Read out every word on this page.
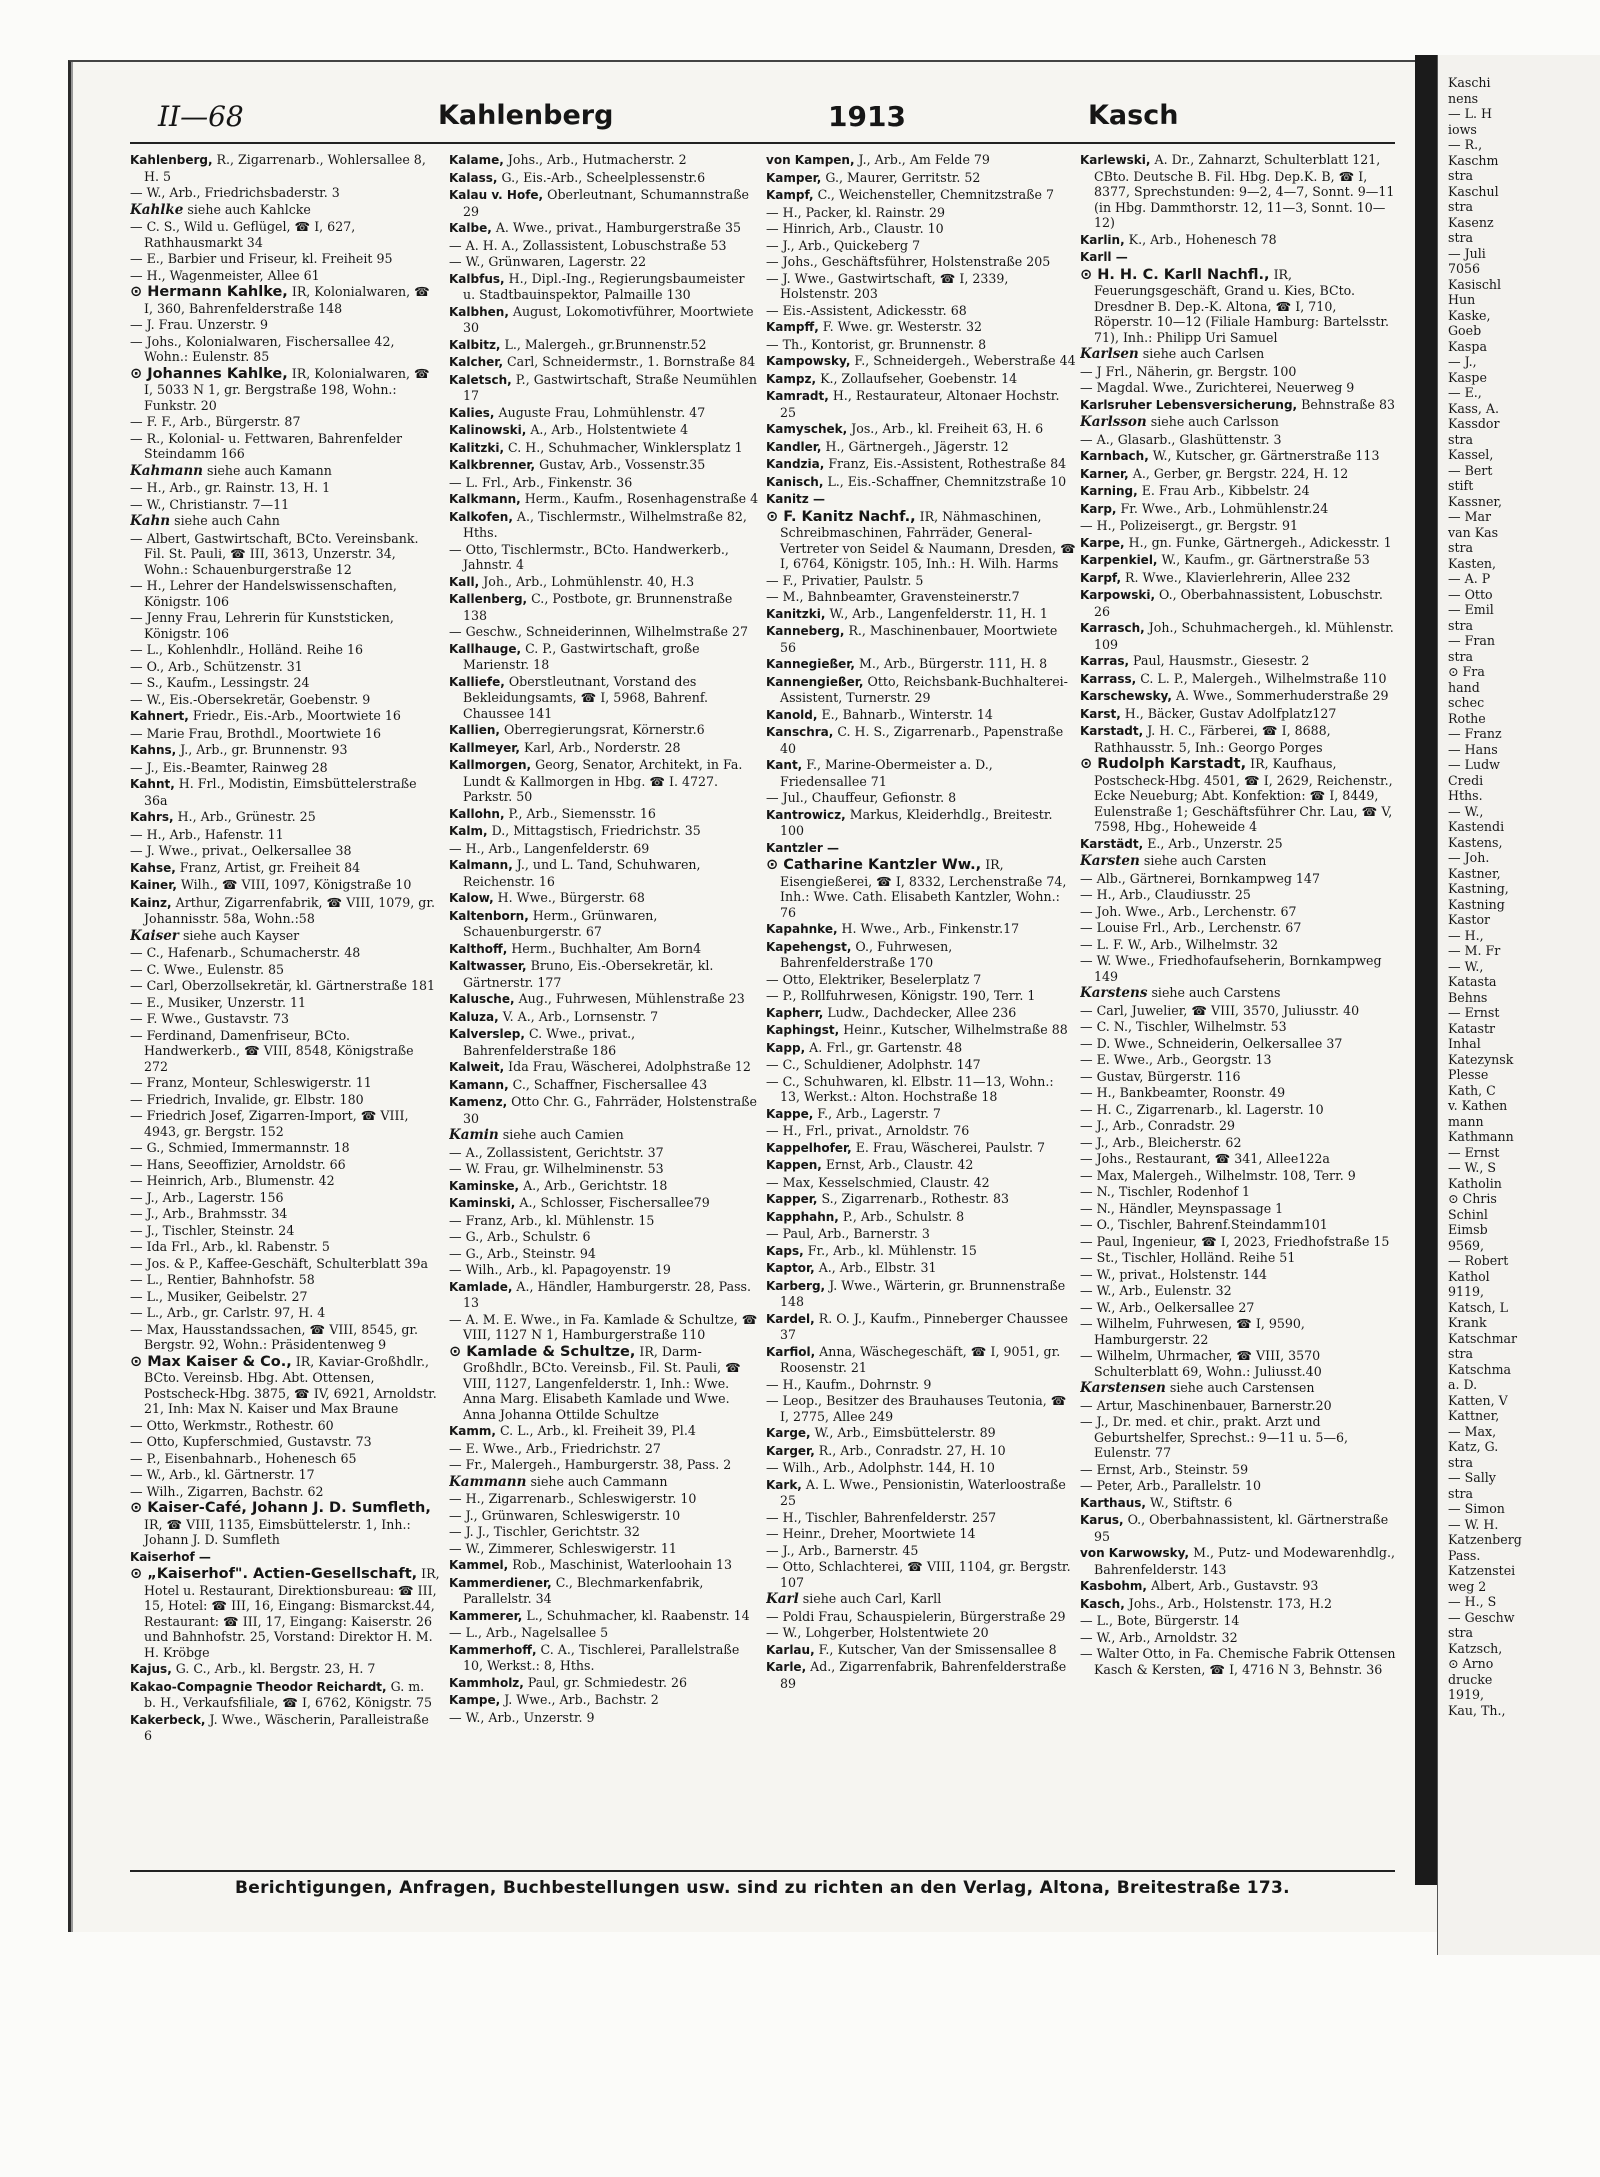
Kaschi
nens
— L. H
iows
— R.,
Kaschm
stra
Kaschul
stra
Kasenz
stra
— Juli
7056
Kasischl
Hun
Kaske,
Goeb
Kaspa
— J.,
Kaspe
— E.,
Kass, A.
Kassdor
stra
Kassel,
— Bert
stift
Kassner,
— Mar
van Kas
stra
Kasten,
— A. P
— Otto
— Emil
stra
— Fran
stra
⊙ Fra
hand
schec
Rothe
— Franz
— Hans
— Ludw
Credi
Hths.
— W.,
Kastendi
Kastens,
— Joh.
Kastner,
Kastning,
Kastning
Kastor
— H.,
— M. Fr
— W.,
Katasta
Behns
— Ernst
Katastr
Inhal
Katezynsk
Plesse
Kath, C
v. Kathen
mann
Kathmann
— Ernst
— W., S
Katholin
⊙ Chris
Schinl
Eimsb
9569,
— Robert
Kathol
9119,
Katsch, L
Krank
Katschmar
stra
Katschma
a. D.
Katten, V
Kattner,
— Max,
Katz, G.
stra
— Sally
stra
— Simon
— W. H.
Katzenberg
Pass.
Katzenstei
weg 2
— H., S
— Geschw
stra
Katzsch,
⊙ Arno
drucke
1919,
Kau, Th.,
II—68	Kahlenberg	1913	Kasch
Kahlenberg, R., Zigarrenarb., Wohlersallee 8, H. 5
— W., Arb., Friedrichsbaderstr. 3
Kahlke siehe auch Kahlcke
— C. S., Wild u. Geflügel, ☎ I, 627, Rathhausmarkt 34
— E., Barbier und Friseur, kl. Freiheit 95
— H., Wagenmeister, Allee 61
⊙ Hermann Kahlke, IR, Kolonialwaren, ☎ I, 360, Bahrenfelderstraße 148
— J. Frau. Unzerstr. 9
— Johs., Kolonialwaren, Fischersallee 42, Wohn.: Eulenstr. 85
⊙ Johannes Kahlke, IR, Kolonialwaren, ☎ I, 5033 N 1, gr. Bergstraße 198, Wohn.: Funkstr. 20
— F. F., Arb., Bürgerstr. 87
— R., Kolonial- u. Fettwaren, Bahrenfelder Steindamm 166
Kahmann siehe auch Kamann
— H., Arb., gr. Rainstr. 13, H. 1
— W., Christianstr. 7—11
Kahn siehe auch Cahn
— Albert, Gastwirtschaft, BCto. Vereinsbank. Fil. St. Pauli, ☎ III, 3613, Unzerstr. 34, Wohn.: Schauenburgerstraße 12
— H., Lehrer der Handelswissenschaften, Königstr. 106
— Jenny Frau, Lehrerin für Kunststicken, Königstr. 106
— L., Kohlenhdlr., Holländ. Reihe 16
— O., Arb., Schützenstr. 31
— S., Kaufm., Lessingstr. 24
— W., Eis.-Obersekretär, Goebenstr. 9
Kahnert, Friedr., Eis.-Arb., Moortwiete 16
— Marie Frau, Brothdl., Moortwiete 16
Kahns, J., Arb., gr. Brunnenstr. 93
— J., Eis.-Beamter, Rainweg 28
Kahnt, H. Frl., Modistin, Eimsbüttelerstraße 36a
Kahrs, H., Arb., Grünestr. 25
— H., Arb., Hafenstr. 11
— J. Wwe., privat., Oelkersallee 38
Kahse, Franz, Artist, gr. Freiheit 84
Kainer, Wilh., ☎ VIII, 1097, Königstraße 10
Kainz, Arthur, Zigarrenfabrik, ☎ VIII, 1079, gr. Johannisstr. 58a, Wohn.:58
Kaiser siehe auch Kayser
— C., Hafenarb., Schumacherstr. 48
— C. Wwe., Eulenstr. 85
— Carl, Oberzollsekretär, kl. Gärtnerstraße 181
— E., Musiker, Unzerstr. 11
— F. Wwe., Gustavstr. 73
— Ferdinand, Damenfriseur, BCto. Handwerkerb., ☎ VIII, 8548, Königstraße 272
— Franz, Monteur, Schleswigerstr. 11
— Friedrich, Invalide, gr. Elbstr. 180
— Friedrich Josef, Zigarren-Import, ☎ VIII, 4943, gr. Bergstr. 152
— G., Schmied, Immermannstr. 18
— Hans, Seeoffizier, Arnoldstr. 66
— Heinrich, Arb., Blumenstr. 42
— J., Arb., Lagerstr. 156
— J., Arb., Brahmsstr. 34
— J., Tischler, Steinstr. 24
— Ida Frl., Arb., kl. Rabenstr. 5
— Jos. & P., Kaffee-Geschäft, Schulterblatt 39a
— L., Rentier, Bahnhofstr. 58
— L., Musiker, Geibelstr. 27
— L., Arb., gr. Carlstr. 97, H. 4
— Max, Hausstandssachen, ☎ VIII, 8545, gr. Bergstr. 92, Wohn.: Präsidentenweg 9
⊙ Max Kaiser & Co., IR, Kaviar-Großhdlr., BCto. Vereinsb. Hbg. Abt. Ottensen, Postscheck-Hbg. 3875, ☎ IV, 6921, Arnoldstr. 21, Inh: Max N. Kaiser und Max Braune
— Otto, Werkmstr., Rothestr. 60
— Otto, Kupferschmied, Gustavstr. 73
— P., Eisenbahnarb., Hohenesch 65
— W., Arb., kl. Gärtnerstr. 17
— Wilh., Zigarren, Bachstr. 62
⊙ Kaiser-Café, Johann J. D. Sumfleth, IR, ☎ VIII, 1135, Eimsbüttelerstr. 1, Inh.: Johann J. D. Sumfleth
Kaiserhof —
⊙ „Kaiserhof". Actien-Gesellschaft, IR, Hotel u. Restaurant, Direktionsbureau: ☎ III, 15, Hotel: ☎ III, 16, Eingang: Bismarckst.44, Restaurant: ☎ III, 17, Eingang: Kaiserstr. 26 und Bahnhofstr. 25, Vorstand: Direktor H. M. H. Kröbge
Kajus, G. C., Arb., kl. Bergstr. 23, H. 7
Kakao-Compagnie Theodor Reichardt, G. m. b. H., Verkaufsfiliale, ☎ I, 6762, Königstr. 75
Kakerbeck, J. Wwe., Wäscherin, Paralleistraße 6
Kalame, Johs., Arb., Hutmacherstr. 2
Kalass, G., Eis.-Arb., Scheelplessenstr.6
Kalau v. Hofe, Oberleutnant, Schumannstraße 29
Kalbe, A. Wwe., privat., Hamburgerstraße 35
— A. H. A., Zollassistent, Lobuschstraße 53
— W., Grünwaren, Lagerstr. 22
Kalbfus, H., Dipl.-Ing., Regierungsbaumeister u. Stadtbauinspektor, Palmaille 130
Kalbhen, August, Lokomotivführer, Moortwiete 30
Kalbitz, L., Malergeh., gr.Brunnenstr.52
Kalcher, Carl, Schneidermstr., 1. Bornstraße 84
Kaletsch, P., Gastwirtschaft, Straße Neumühlen 17
Kalies, Auguste Frau, Lohmühlenstr. 47
Kalinowski, A., Arb., Holstentwiete 4
Kalitzki, C. H., Schuhmacher, Winklersplatz 1
Kalkbrenner, Gustav, Arb., Vossenstr.35
— L. Frl., Arb., Finkenstr. 36
Kalkmann, Herm., Kaufm., Rosenhagenstraße 4
Kalkofen, A., Tischlermstr., Wilhelmstraße 82, Hths.
— Otto, Tischlermstr., BCto. Handwerkerb., Jahnstr. 4
Kall, Joh., Arb., Lohmühlenstr. 40, H.3
Kallenberg, C., Postbote, gr. Brunnenstraße 138
— Geschw., Schneiderinnen, Wilhelmstraße 27
Kallhauge, C. P., Gastwirtschaft, große Marienstr. 18
Kalliefe, Oberstleutnant, Vorstand des Bekleidungsamts, ☎ I, 5968, Bahrenf. Chaussee 141
Kallien, Oberregierungsrat, Körnerstr.6
Kallmeyer, Karl, Arb., Norderstr. 28
Kallmorgen, Georg, Senator, Architekt, in Fa. Lundt & Kallmorgen in Hbg. ☎ I. 4727. Parkstr. 50
Kallohn, P., Arb., Siemensstr. 16
Kalm, D., Mittagstisch, Friedrichstr. 35
— H., Arb., Langenfelderstr. 69
Kalmann, J., und L. Tand, Schuhwaren, Reichenstr. 16
Kalow, H. Wwe., Bürgerstr. 68
Kaltenborn, Herm., Grünwaren, Schauenburgerstr. 67
Kalthoff, Herm., Buchhalter, Am Born4
Kaltwasser, Bruno, Eis.-Obersekretär, kl. Gärtnerstr. 177
Kalusche, Aug., Fuhrwesen, Mühlenstraße 23
Kaluza, V. A., Arb., Lornsenstr. 7
Kalverslep, C. Wwe., privat., Bahrenfelderstraße 186
Kalweit, Ida Frau, Wäscherei, Adolphstraße 12
Kamann, C., Schaffner, Fischersallee 43
Kamenz, Otto Chr. G., Fahrräder, Holstenstraße 30
Kamin siehe auch Camien
— A., Zollassistent, Gerichtstr. 37
— W. Frau, gr. Wilhelminenstr. 53
Kaminske, A., Arb., Gerichtstr. 18
Kaminski, A., Schlosser, Fischersallee79
— Franz, Arb., kl. Mühlenstr. 15
— G., Arb., Schulstr. 6
— G., Arb., Steinstr. 94
— Wilh., Arb., kl. Papagoyenstr. 19
Kamlade, A., Händler, Hamburgerstr. 28, Pass. 13
— A. M. E. Wwe., in Fa. Kamlade & Schultze, ☎ VIII, 1127 N 1, Hamburgerstraße 110
⊙ Kamlade & Schultze, IR, Darm-Großhdlr., BCto. Vereinsb., Fil. St. Pauli, ☎ VIII, 1127, Langenfelderstr. 1, Inh.: Wwe. Anna Marg. Elisabeth Kamlade und Wwe. Anna Johanna Ottilde Schultze
Kamm, C. L., Arb., kl. Freiheit 39, Pl.4
— E. Wwe., Arb., Friedrichstr. 27
— Fr., Malergeh., Hamburgerstr. 38, Pass. 2
Kammann siehe auch Cammann
— H., Zigarrenarb., Schleswigerstr. 10
— J., Grünwaren, Schleswigerstr. 10
— J. J., Tischler, Gerichtstr. 32
— W., Zimmerer, Schleswigerstr. 11
Kammel, Rob., Maschinist, Waterloohain 13
Kammerdiener, C., Blechmarkenfabrik, Parallelstr. 34
Kammerer, L., Schuhmacher, kl. Raabenstr. 14
— L., Arb., Nagelsallee 5
Kammerhoff, C. A., Tischlerei, Parallelstraße 10, Werkst.: 8, Hths.
Kammholz, Paul, gr. Schmiedestr. 26
Kampe, J. Wwe., Arb., Bachstr. 2
— W., Arb., Unzerstr. 9
von Kampen, J., Arb., Am Felde 79
Kamper, G., Maurer, Gerritstr. 52
Kampf, C., Weichensteller, Chemnitzstraße 7
— H., Packer, kl. Rainstr. 29
— Hinrich, Arb., Claustr. 10
— J., Arb., Quickeberg 7
— Johs., Geschäftsführer, Holstenstraße 205
— J. Wwe., Gastwirtschaft, ☎ I, 2339, Holstenstr. 203
— Eis.-Assistent, Adickesstr. 68
Kampff, F. Wwe. gr. Westerstr. 32
— Th., Kontorist, gr. Brunnenstr. 8
Kampowsky, F., Schneidergeh., Weberstraße 44
Kampz, K., Zollaufseher, Goebenstr. 14
Kamradt, H., Restaurateur, Altonaer Hochstr. 25
Kamyschek, Jos., Arb., kl. Freiheit 63, H. 6
Kandler, H., Gärtnergeh., Jägerstr. 12
Kandzia, Franz, Eis.-Assistent, Rothestraße 84
Kanisch, L., Eis.-Schaffner, Chemnitzstraße 10
Kanitz —
⊙ F. Kanitz Nachf., IR, Nähmaschinen, Schreibmaschinen, Fahrräder, General-Vertreter von Seidel & Naumann, Dresden, ☎ I, 6764, Königstr. 105, Inh.: H. Wilh. Harms
— F., Privatier, Paulstr. 5
— M., Bahnbeamter, Gravensteinerstr.7
Kanitzki, W., Arb., Langenfelderstr. 11, H. 1
Kanneberg, R., Maschinenbauer, Moortwiete 56
Kannegießer, M., Arb., Bürgerstr. 111, H. 8
Kannengießer, Otto, Reichsbank-Buchhalterei-Assistent, Turnerstr. 29
Kanold, E., Bahnarb., Winterstr. 14
Kanschra, C. H. S., Zigarrenarb., Papenstraße 40
Kant, F., Marine-Obermeister a. D., Friedensallee 71
— Jul., Chauffeur, Gefionstr. 8
Kantrowicz, Markus, Kleiderhdlg., Breitestr. 100
Kantzler —
⊙ Catharine Kantzler Ww., IR, Eisengießerei, ☎ I, 8332, Lerchenstraße 74, Inh.: Wwe. Cath. Elisabeth Kantzler, Wohn.: 76
Kapahnke, H. Wwe., Arb., Finkenstr.17
Kapehengst, O., Fuhrwesen, Bahrenfelderstraße 170
— Otto, Elektriker, Beselerplatz 7
— P., Rollfuhrwesen, Königstr. 190, Terr. 1
Kapherr, Ludw., Dachdecker, Allee 236
Kaphingst, Heinr., Kutscher, Wilhelmstraße 88
Kapp, A. Frl., gr. Gartenstr. 48
— C., Schuldiener, Adolphstr. 147
— C., Schuhwaren, kl. Elbstr. 11—13, Wohn.: 13, Werkst.: Alton. Hochstraße 18
Kappe, F., Arb., Lagerstr. 7
— H., Frl., privat., Arnoldstr. 76
Kappelhofer, E. Frau, Wäscherei, Paulstr. 7
Kappen, Ernst, Arb., Claustr. 42
— Max, Kesselschmied, Claustr. 42
Kapper, S., Zigarrenarb., Rothestr. 83
Kapphahn, P., Arb., Schulstr. 8
— Paul, Arb., Barnerstr. 3
Kaps, Fr., Arb., kl. Mühlenstr. 15
Kaptor, A., Arb., Elbstr. 31
Karberg, J. Wwe., Wärterin, gr. Brunnenstraße 148
Kardel, R. O. J., Kaufm., Pinneberger Chaussee 37
Karfiol, Anna, Wäschegeschäft, ☎ I, 9051, gr. Roosenstr. 21
— H., Kaufm., Dohrnstr. 9
— Leop., Besitzer des Brauhauses Teutonia, ☎ I, 2775, Allee 249
Karge, W., Arb., Eimsbüttelerstr. 89
Karger, R., Arb., Conradstr. 27, H. 10
— Wilh., Arb., Adolphstr. 144, H. 10
Kark, A. L. Wwe., Pensionistin, Waterloostraße 25
— H., Tischler, Bahrenfelderstr. 257
— Heinr., Dreher, Moortwiete 14
— J., Arb., Barnerstr. 45
— Otto, Schlachterei, ☎ VIII, 1104, gr. Bergstr. 107
Karl siehe auch Carl, Karll
— Poldi Frau, Schauspielerin, Bürgerstraße 29
— W., Lohgerber, Holstentwiete 20
Karlau, F., Kutscher, Van der Smissensallee 8
Karle, Ad., Zigarrenfabrik, Bahrenfelderstraße 89
Karlewski, A. Dr., Zahnarzt, Schulterblatt 121, CBto. Deutsche B. Fil. Hbg. Dep.K. B, ☎ I, 8377, Sprechstunden: 9—2, 4—7, Sonnt. 9—11 (in Hbg. Dammthorstr. 12, 11—3, Sonnt. 10—12)
Karlin, K., Arb., Hohenesch 78
Karll —
⊙ H. H. C. Karll Nachfl., IR, Feuerungsgeschäft, Grand u. Kies, BCto. Dresdner B. Dep.-K. Altona, ☎ I, 710, Röperstr. 10—12 (Filiale Hamburg: Bartelsstr. 71), Inh.: Philipp Uri Samuel
Karlsen siehe auch Carlsen
— J Frl., Näherin, gr. Bergstr. 100
— Magdal. Wwe., Zurichterei, Neuerweg 9
Karlsruher Lebensversicherung, Behnstraße 83
Karlsson siehe auch Carlsson
— A., Glasarb., Glashüttenstr. 3
Karnbach, W., Kutscher, gr. Gärtnerstraße 113
Karner, A., Gerber, gr. Bergstr. 224, H. 12
Karning, E. Frau Arb., Kibbelstr. 24
Karp, Fr. Wwe., Arb., Lohmühlenstr.24
— H., Polizeisergt., gr. Bergstr. 91
Karpe, H., gn. Funke, Gärtnergeh., Adickesstr. 1
Karpenkiel, W., Kaufm., gr. Gärtnerstraße 53
Karpf, R. Wwe., Klavierlehrerin, Allee 232
Karpowski, O., Oberbahnassistent, Lobuschstr. 26
Karrasch, Joh., Schuhmachergeh., kl. Mühlenstr. 109
Karras, Paul, Hausmstr., Giesestr. 2
Karrass, C. L. P., Malergeh., Wilhelmstraße 110
Karschewsky, A. Wwe., Sommerhuderstraße 29
Karst, H., Bäcker, Gustav Adolfplatz127
Karstadt, J. H. C., Färberei, ☎ I, 8688, Rathhausstr. 5, Inh.: Georgo Porges
⊙ Rudolph Karstadt, IR, Kaufhaus, Postscheck-Hbg. 4501, ☎ I, 2629, Reichenstr., Ecke Neueburg; Abt. Konfektion: ☎ I, 8449, Eulenstraße 1; Geschäftsführer Chr. Lau, ☎ V, 7598, Hbg., Hoheweide 4
Karstädt, E., Arb., Unzerstr. 25
Karsten siehe auch Carsten
— Alb., Gärtnerei, Bornkampweg 147
— H., Arb., Claudiusstr. 25
— Joh. Wwe., Arb., Lerchenstr. 67
— Louise Frl., Arb., Lerchenstr. 67
— L. F. W., Arb., Wilhelmstr. 32
— W. Wwe., Friedhofaufseherin, Bornkampweg 149
Karstens siehe auch Carstens
— Carl, Juwelier, ☎ VIII, 3570, Juliusstr. 40
— C. N., Tischler, Wilhelmstr. 53
— D. Wwe., Schneiderin, Oelkersallee 37
— E. Wwe., Arb., Georgstr. 13
— Gustav, Bürgerstr. 116
— H., Bankbeamter, Roonstr. 49
— H. C., Zigarrenarb., kl. Lagerstr. 10
— J., Arb., Conradstr. 29
— J., Arb., Bleicherstr. 62
— Johs., Restaurant, ☎ 341, Allee122a
— Max, Malergeh., Wilhelmstr. 108, Terr. 9
— N., Tischler, Rodenhof 1
— N., Händler, Meynspassage 1
— O., Tischler, Bahrenf.Steindamm101
— Paul, Ingenieur, ☎ I, 2023, Friedhofstraße 15
— St., Tischler, Holländ. Reihe 51
— W., privat., Holstenstr. 144
— W., Arb., Eulenstr. 32
— W., Arb., Oelkersallee 27
— Wilhelm, Fuhrwesen, ☎ I, 9590, Hamburgerstr. 22
— Wilhelm, Uhrmacher, ☎ VIII, 3570 Schulterblatt 69, Wohn.: Juliusst.40
Karstensen siehe auch Carstensen
— Artur, Maschinenbauer, Barnerstr.20
— J., Dr. med. et chir., prakt. Arzt und Geburtshelfer, Sprechst.: 9—11 u. 5—6, Eulenstr. 77
— Ernst, Arb., Steinstr. 59
— Peter, Arb., Parallelstr. 10
Karthaus, W., Stiftstr. 6
Karus, O., Oberbahnassistent, kl. Gärtnerstraße 95
von Karwowsky, M., Putz- und Modewarenhdlg., Bahrenfelderstr. 143
Kasbohm, Albert, Arb., Gustavstr. 93
Kasch, Johs., Arb., Holstenstr. 173, H.2
— L., Bote, Bürgerstr. 14
— W., Arb., Arnoldstr. 32
— Walter Otto, in Fa. Chemische Fabrik Ottensen Kasch & Kersten, ☎ I, 4716 N 3, Behnstr. 36
Berichtigungen, Anfragen, Buchbestellungen usw. sind zu richten an den Verlag, Altona, Breitestraße 173.
